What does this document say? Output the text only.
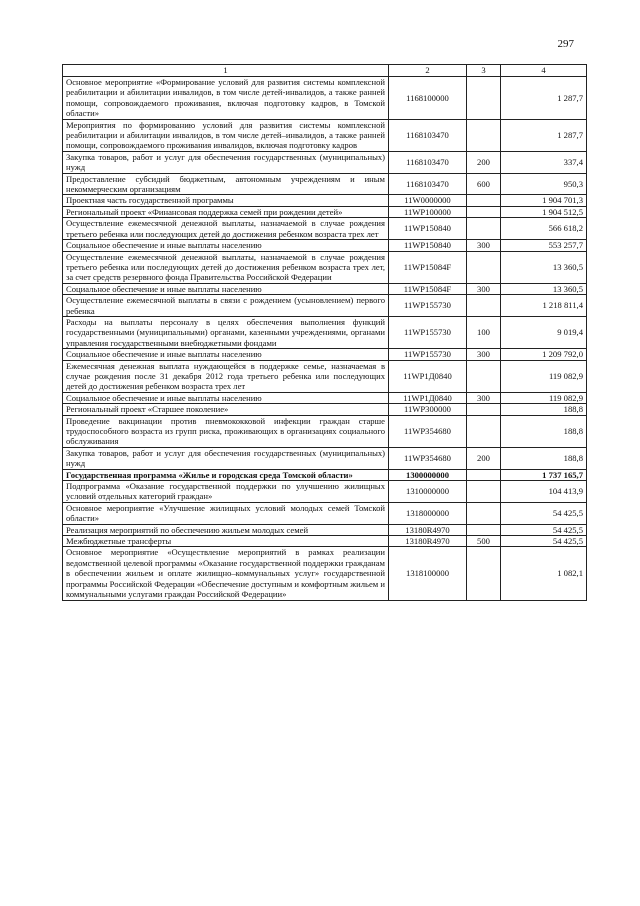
297
1	2	3	4
Основное мероприятие «Формирование условий для развития системы комплексной реабилитации и абилитации инвалидов, в том числе детей-инвалидов, а также ранней помощи, сопровождаемого проживания, включая подготовку кадров, в Томской области»	1168100000		1 287,7
Мероприятия по формированию условий для развития системы комплексной реабилитации и абилитации инвалидов, в том числе детей–инвалидов, а также ранней помощи, сопровождаемого проживания инвалидов, включая подготовку кадров	1168103470		1 287,7
Закупка товаров, работ и услуг для обеспечения государственных (муниципальных) нужд	1168103470	200	337,4
Предоставление субсидий бюджетным, автономным учреждениям и иным некоммерческим организациям	1168103470	600	950,3
Проектная часть государственной программы	11W0000000		1 904 701,3
Региональный проект «Финансовая поддержка семей при рождении детей»	11WP100000		1 904 512,5
Осуществление ежемесячной денежной выплаты, назначаемой в случае рождения третьего ребенка или последующих детей до достижения ребенком возраста трех лет	11WP150840		566 618,2
Социальное обеспечение и иные выплаты населению	11WP150840	300	553 257,7
Осуществление ежемесячной денежной выплаты, назначаемой в случае рождения третьего ребенка или последующих детей до достижения ребенком возраста трех лет, за счет средств резервного фонда Правительства Российской Федерации	11WP15084F		13 360,5
Социальное обеспечение и иные выплаты населению	11WP15084F	300	13 360,5
Осуществление ежемесячной выплаты в связи с рождением (усыновлением) первого ребенка	11WP155730		1 218 811,4
Расходы на выплаты персоналу в целях обеспечения выполнения функций государственными (муниципальными) органами, казенными учреждениями, органами управления государственными внебюджетными фондами	11WP155730	100	9 019,4
Социальное обеспечение и иные выплаты населению	11WP155730	300	1 209 792,0
Ежемесячная денежная выплата нуждающейся в поддержке семье, назначаемая в случае рождения после 31 декабря 2012 года третьего ребенка или последующих детей до достижения ребенком возраста трех лет	11WP1Д0840		119 082,9
Социальное обеспечение и иные выплаты населению	11WP1Д0840	300	119 082,9
Региональный проект «Старшее поколение»	11WP300000		188,8
Проведение вакцинации против пневмококковой инфекции граждан старше трудоспособного возраста из групп риска, проживающих в организациях социального обслуживания	11WP354680		188,8
Закупка товаров, работ и услуг для обеспечения государственных (муниципальных) нужд	11WP354680	200	188,8
Государственная программа «Жилье и городская среда Томской области»	1300000000		1 737 165,7
Подпрограмма «Оказание государственной поддержки по улучшению жилищных условий отдельных категорий граждан»	1310000000		104 413,9
Основное мероприятие «Улучшение жилищных условий молодых семей Томской области»	1318000000		54 425,5
Реализация мероприятий по обеспечению жильем молодых семей	13180R4970		54 425,5
Межбюджетные трансферты	13180R4970	500	54 425,5
Основное мероприятие «Осуществление мероприятий в рамках реализации ведомственной целевой программы «Оказание государственной поддержки гражданам в обеспечении жильем и оплате жилищно–коммунальных услуг» государственной программы Российской Федерации «Обеспечение доступным и комфортным жильем и коммунальными услугами граждан Российской Федерации»	1318100000		1 082,1
